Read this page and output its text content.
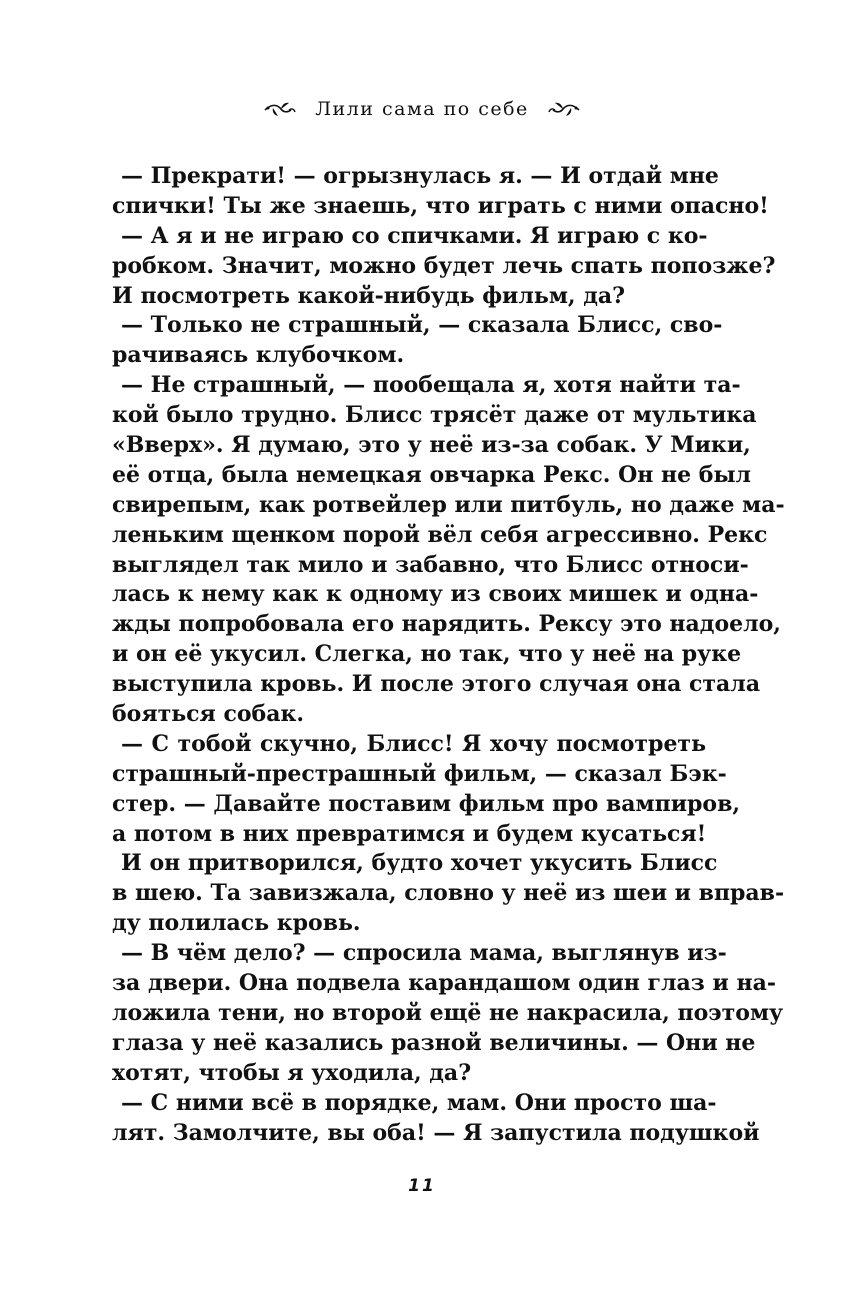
Лили сама по себе
— Прекрати! — огрызнулась я. — И отдай мне
спички! Ты же знаешь, что играть с ними опасно!
— А я и не играю со спичками. Я играю с ко-
робком. Значит, можно будет лечь спать попозже?
И посмотреть какой-нибудь фильм, да?
— Только не страшный, — сказала Блисс, сво-
рачиваясь клубочком.
— Не страшный, — пообещала я, хотя найти та-
кой было трудно. Блисс трясёт даже от мультика
«Вверх». Я думаю, это у неё из-за собак. У Мики,
её отца, была немецкая овчарка Рекс. Он не был
свирепым, как ротвейлер или питбуль, но даже ма-
леньким щенком порой вёл себя агрессивно. Рекс
выглядел так мило и забавно, что Блисс относи-
лась к нему как к одному из своих мишек и одна-
жды попробовала его нарядить. Рексу это надоело,
и он её укусил. Слегка, но так, что у неё на руке
выступила кровь. И после этого случая она стала
бояться собак.
— С тобой скучно, Блисс! Я хочу посмотреть
страшный-престрашный фильм, — сказал Бэк-
стер. — Давайте поставим фильм про вампиров,
а потом в них превратимся и будем кусаться!
И он притворился, будто хочет укусить Блисс
в шею. Та завизжала, словно у неё из шеи и вправ-
ду полилась кровь.
— В чём дело? — спросила мама, выглянув из-
за двери. Она подвела карандашом один глаз и на-
ложила тени, но второй ещё не накрасила, поэтому
глаза у неё казались разной величины. — Они не
хотят, чтобы я уходила, да?
— С ними всё в порядке, мам. Они просто ша-
лят. Замолчите, вы оба! — Я запустила подушкой
11
